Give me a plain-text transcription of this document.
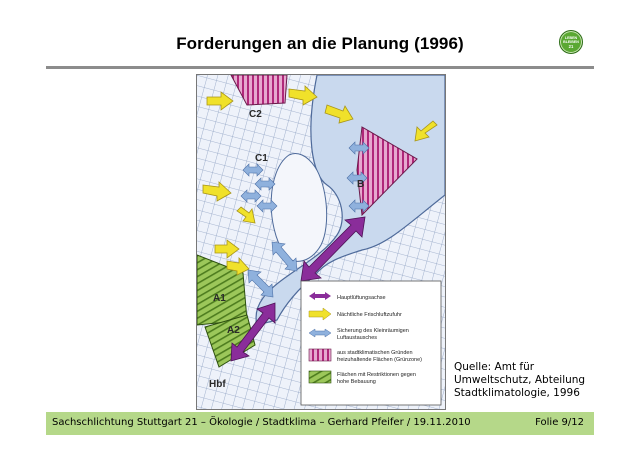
Forderungen an die Planung (1996)	LEBEN
BLEIBEN
21
C2
C1
B
A1
A2
Hbf
Hauptlüftungsachse
Nächtliche Frischluftzufuhr
Sicherung des Kleinräumigen
Luftaustausches
aus stadtklimatischen Gründen
freizuhaltende Flächen (Grünzone)
Flächen mit Restriktionen gegen
hohe Bebauung
Quelle: Amt für
Umweltschutz, Abteilung
Stadtklimatologie, 1996
Sachschlichtung Stuttgart 21 – Ökologie / Stadtklima – Gerhard Pfeifer / 19.11.2010	Folie 9/12
